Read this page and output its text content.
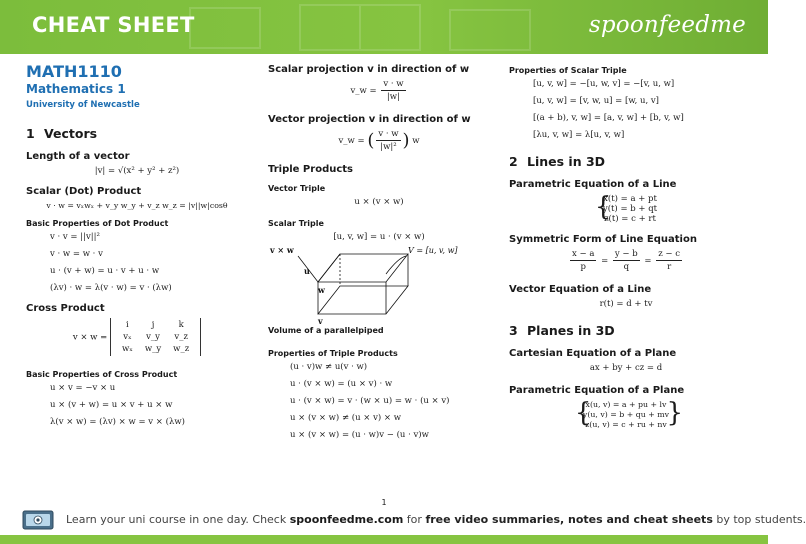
CHEAT SHEET	spoonfeedme
MATH1110
Mathematics 1
University of Newcastle
1 Vectors
Length of a vector
|v| = √(x² + y² + z²)
Scalar (Dot) Product
v · w = vₓwₓ + v_y w_y + v_z w_z = |v||w|cosθ
Basic Properties of Dot Product
v · v = ||v||²
v · w = w · v
u · (v + w) = u · v + u · w
(λv) · w = λ(v · w) = v · (λw)
Cross Product
v × w =
i	j	k
vₓ	v_y	v_z
wₓ	w_y	w_z
Basic Properties of Cross Product
u × v = −v × u
u × (v + w) = u × v + u × w
λ(v × w) = (λv) × w = v × (λw)
Scalar projection v in direction of w
v_w = $\frac{v \cdot w}{|w|}$
Vector projection v in direction of w
v_w = ( $\frac{v \cdot w}{\text{|w|²}}$ ) w
Triple Products
Vector Triple
u × (v × w)
Scalar Triple
[u, v, w] = u · (v × w)
v × w
u
w
v
V = [u, v, w]
Volume of a parallelpiped
Properties of Triple Products
(u · v)w ≠ u(v · w)
u · (v × w) = (u × v) · w
u · (v × w) = v · (w × u) = w · (u × v)
u × (v × w) ≠ (u × v) × w
u × (v × w) = (u · w)v − (u · v)w
Properties of Scalar Triple
[u, v, w] = −[u, w, v] = −[v, u, w]
[u, v, w] = [v, w, u] = [w, u, v]
[(a + b), v, w] = [a, v, w] + [b, v, w]
[λu, v, w] = λ[u, v, w]
2 Lines in 3D
Parametric Equation of a Line
{
x(t) = a + pt
y(t) = b + qt
z(t) = c + rt
Symmetric Form of Line Equation
$\frac{x - a}{p} = \frac{y - b}{q} = \frac{z - c}{r}$
Vector Equation of a Line
r(t) = d + tv
3 Planes in 3D
Cartesian Equation of a Plane
ax + by + cz = d
Parametric Equation of a Plane
{	}
x(u, v) = a + pu + lv
y(u, v) = b + qu + mv
z(u, v) = c + ru + nv
1
Learn your uni course in one day. Check spoonfeedme.com for free video summaries, notes and cheat sheets by top students.
